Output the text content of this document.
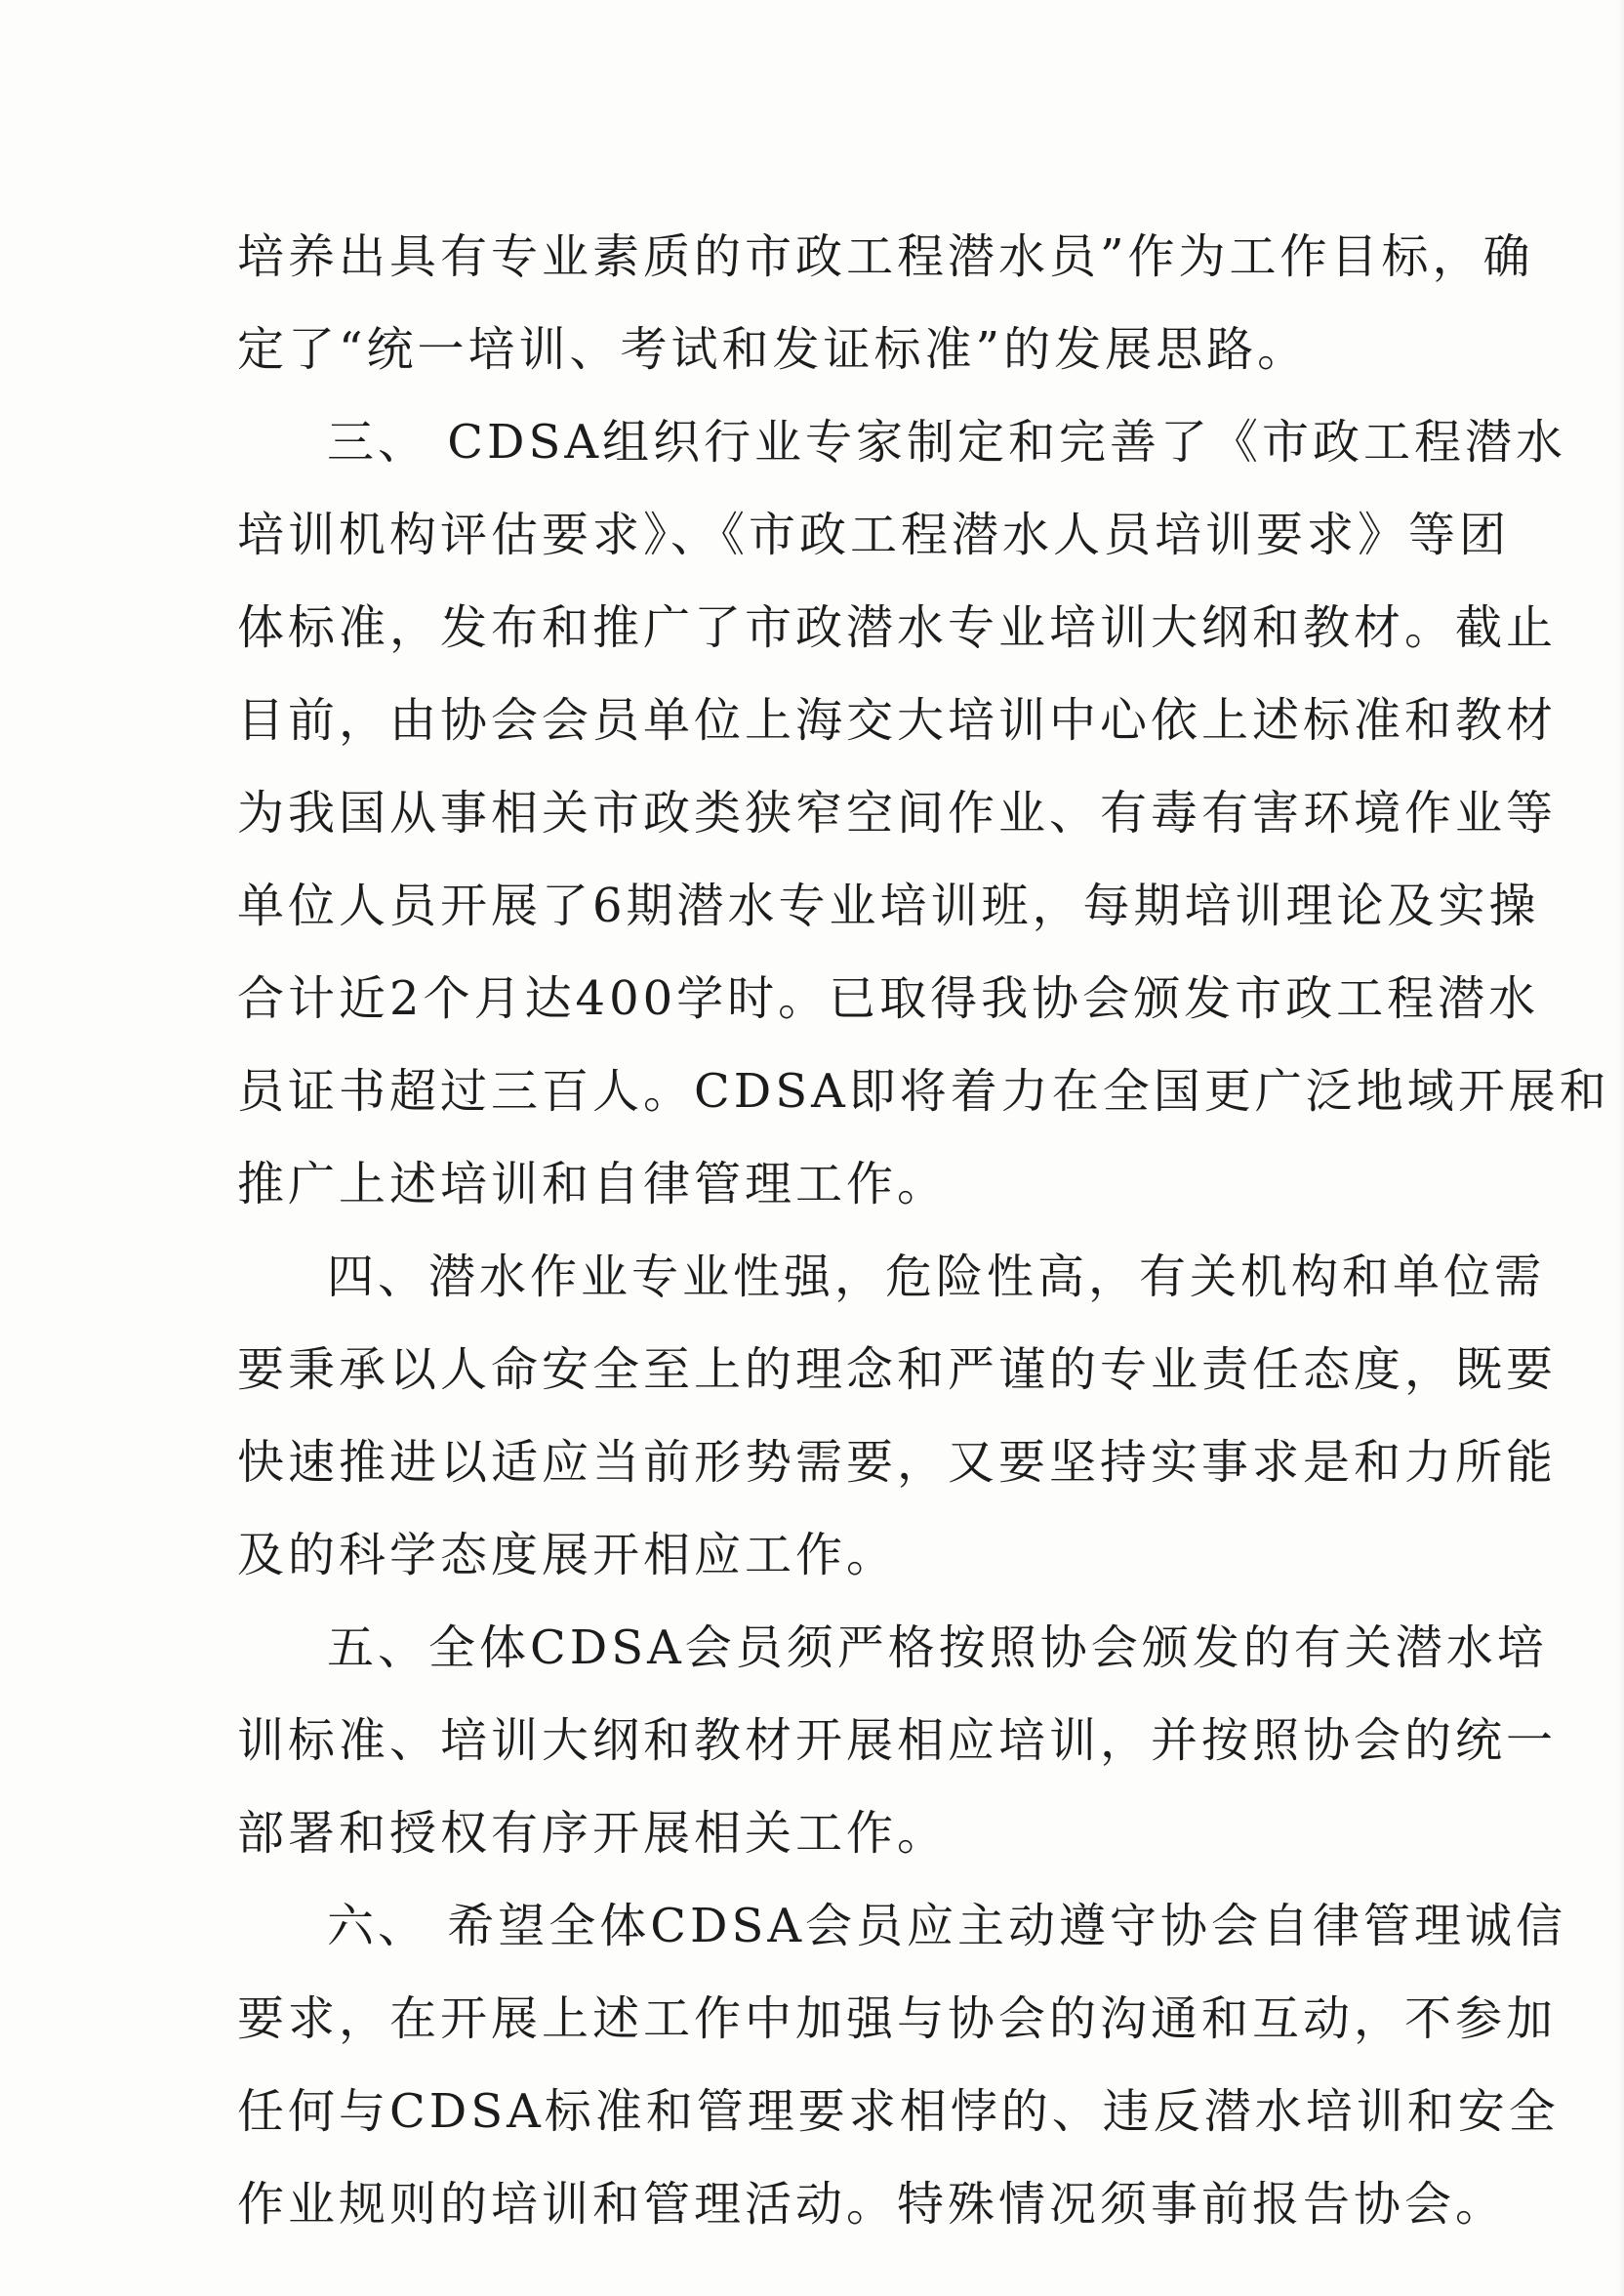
培养出具有专业素质的市政工程潜水员”作为工作目标，确
定了“统一培训、考试和发证标准”的发展思路。
三、 CDSA组织行业专家制定和完善了《市政工程潜水
培训机构评估要求》、《市政工程潜水人员培训要求》等团
体标准，发布和推广了市政潜水专业培训大纲和教材。截止
目前，由协会会员单位上海交大培训中心依上述标准和教材
为我国从事相关市政类狭窄空间作业、有毒有害环境作业等
单位人员开展了6期潜水专业培训班，每期培训理论及实操
合计近2个月达400学时。已取得我协会颁发市政工程潜水
员证书超过三百人。CDSA即将着力在全国更广泛地域开展和
推广上述培训和自律管理工作。
四、潜水作业专业性强，危险性高，有关机构和单位需
要秉承以人命安全至上的理念和严谨的专业责任态度，既要
快速推进以适应当前形势需要，又要坚持实事求是和力所能
及的科学态度展开相应工作。
五、全体CDSA会员须严格按照协会颁发的有关潜水培
训标准、培训大纲和教材开展相应培训，并按照协会的统一
部署和授权有序开展相关工作。
六、 希望全体CDSA会员应主动遵守协会自律管理诚信
要求，在开展上述工作中加强与协会的沟通和互动，不参加
任何与CDSA标准和管理要求相悖的、违反潜水培训和安全
作业规则的培训和管理活动。特殊情况须事前报告协会。
